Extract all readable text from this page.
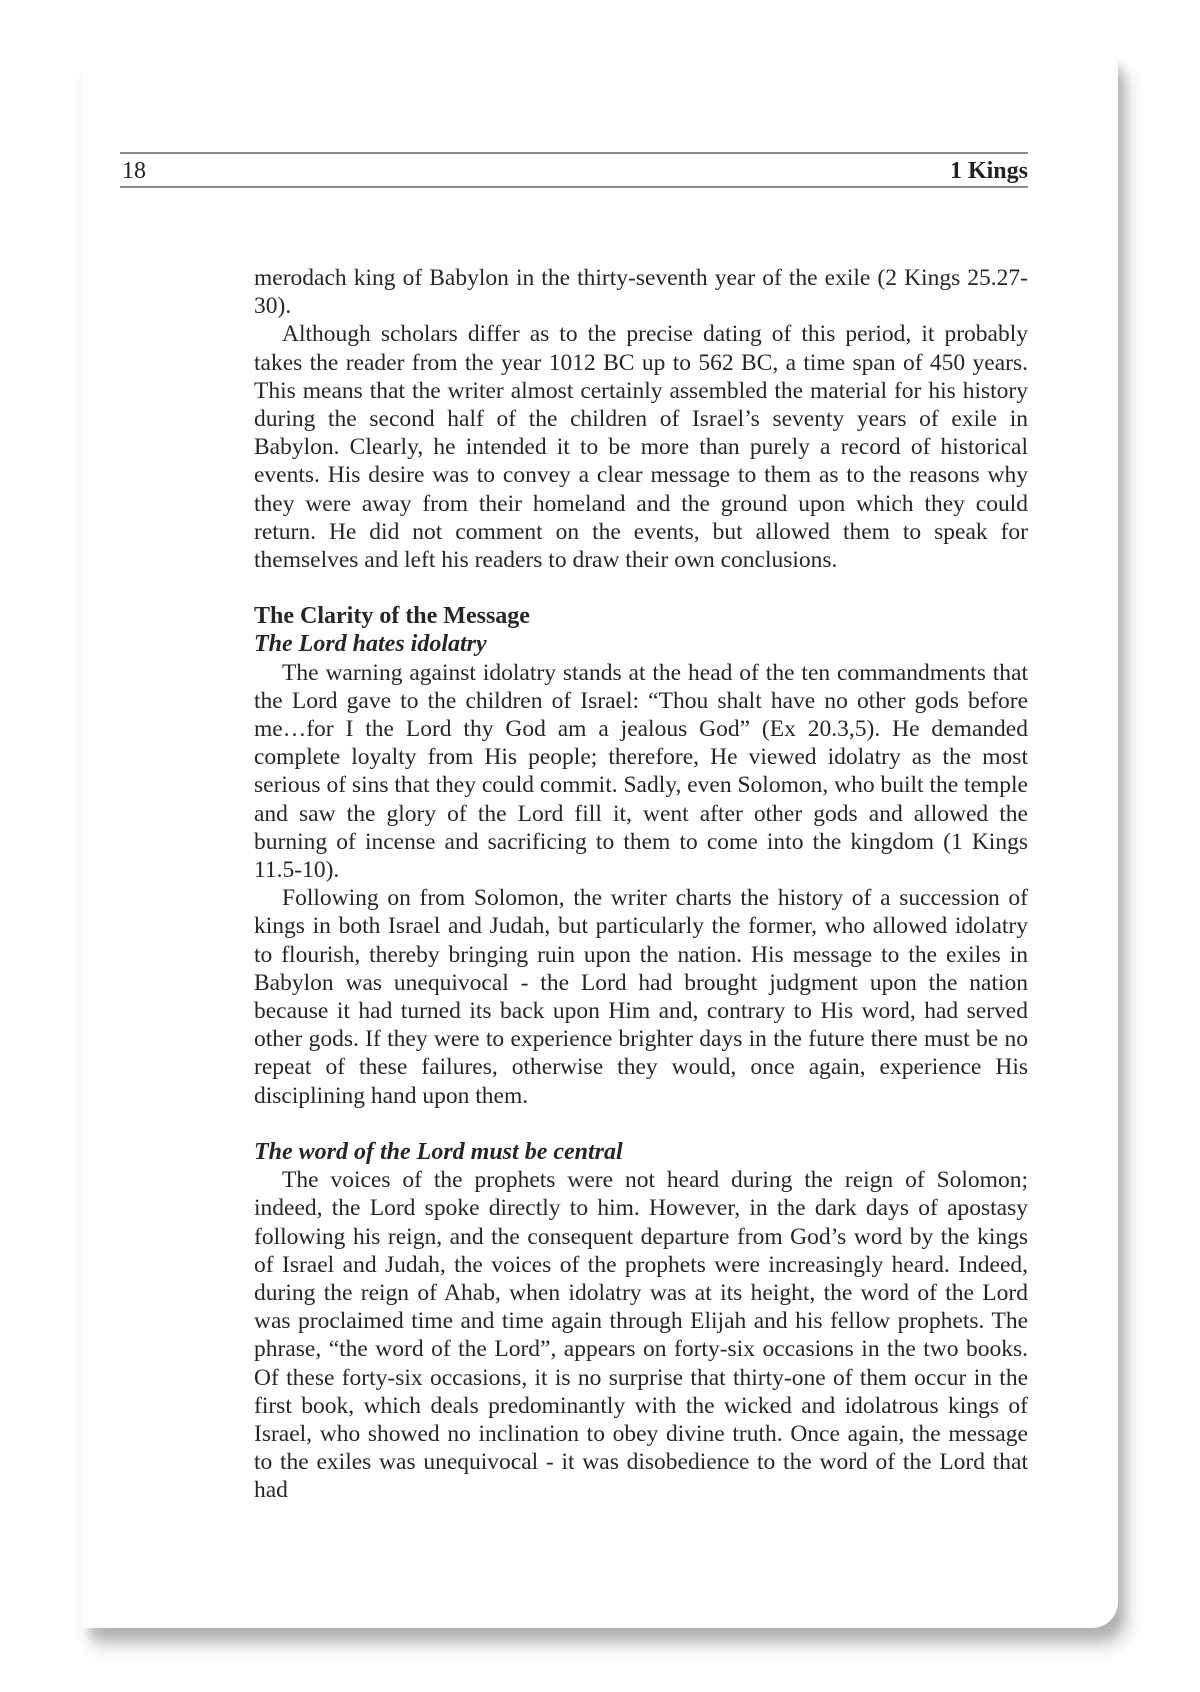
18	1 Kings

merodach king of Babylon in the thirty-seventh year of the exile (2 Kings 25.27-30).

Although scholars differ as to the precise dating of this period, it probably takes the reader from the year 1012 BC up to 562 BC, a time span of 450 years. This means that the writer almost certainly assembled the material for his history during the second half of the children of Israel’s seventy years of exile in Babylon. Clearly, he intended it to be more than purely a record of historical events. His desire was to convey a clear message to them as to the reasons why they were away from their homeland and the ground upon which they could return. He did not comment on the events, but allowed them to speak for themselves and left his readers to draw their own conclusions.

The Clarity of the Message
The Lord hates idolatry

The warning against idolatry stands at the head of the ten commandments that the Lord gave to the children of Israel: “Thou shalt have no other gods before me…for I the Lord thy God am a jealous God” (Ex 20.3,5). He demanded complete loyalty from His people; therefore, He viewed idolatry as the most serious of sins that they could commit. Sadly, even Solomon, who built the temple and saw the glory of the Lord fill it, went after other gods and allowed the burning of incense and sacrificing to them to come into the kingdom (1 Kings 11.5-10).

Following on from Solomon, the writer charts the history of a succession of kings in both Israel and Judah, but particularly the former, who allowed idolatry to flourish, thereby bringing ruin upon the nation. His message to the exiles in Babylon was unequivocal - the Lord had brought judgment upon the nation because it had turned its back upon Him and, contrary to His word, had served other gods. If they were to experience brighter days in the future there must be no repeat of these failures, otherwise they would, once again, experience His disciplining hand upon them.

The word of the Lord must be central

The voices of the prophets were not heard during the reign of Solomon; indeed, the Lord spoke directly to him. However, in the dark days of apostasy following his reign, and the consequent departure from God’s word by the kings of Israel and Judah, the voices of the prophets were increasingly heard. Indeed, during the reign of Ahab, when idolatry was at its height, the word of the Lord was proclaimed time and time again through Elijah and his fellow prophets. The phrase, “the word of the Lord”, appears on forty-six occasions in the two books. Of these forty-six occasions, it is no surprise that thirty-one of them occur in the first book, which deals predominantly with the wicked and idolatrous kings of Israel, who showed no inclination to obey divine truth. Once again, the message to the exiles was unequivocal - it was disobedience to the word of the Lord that had
